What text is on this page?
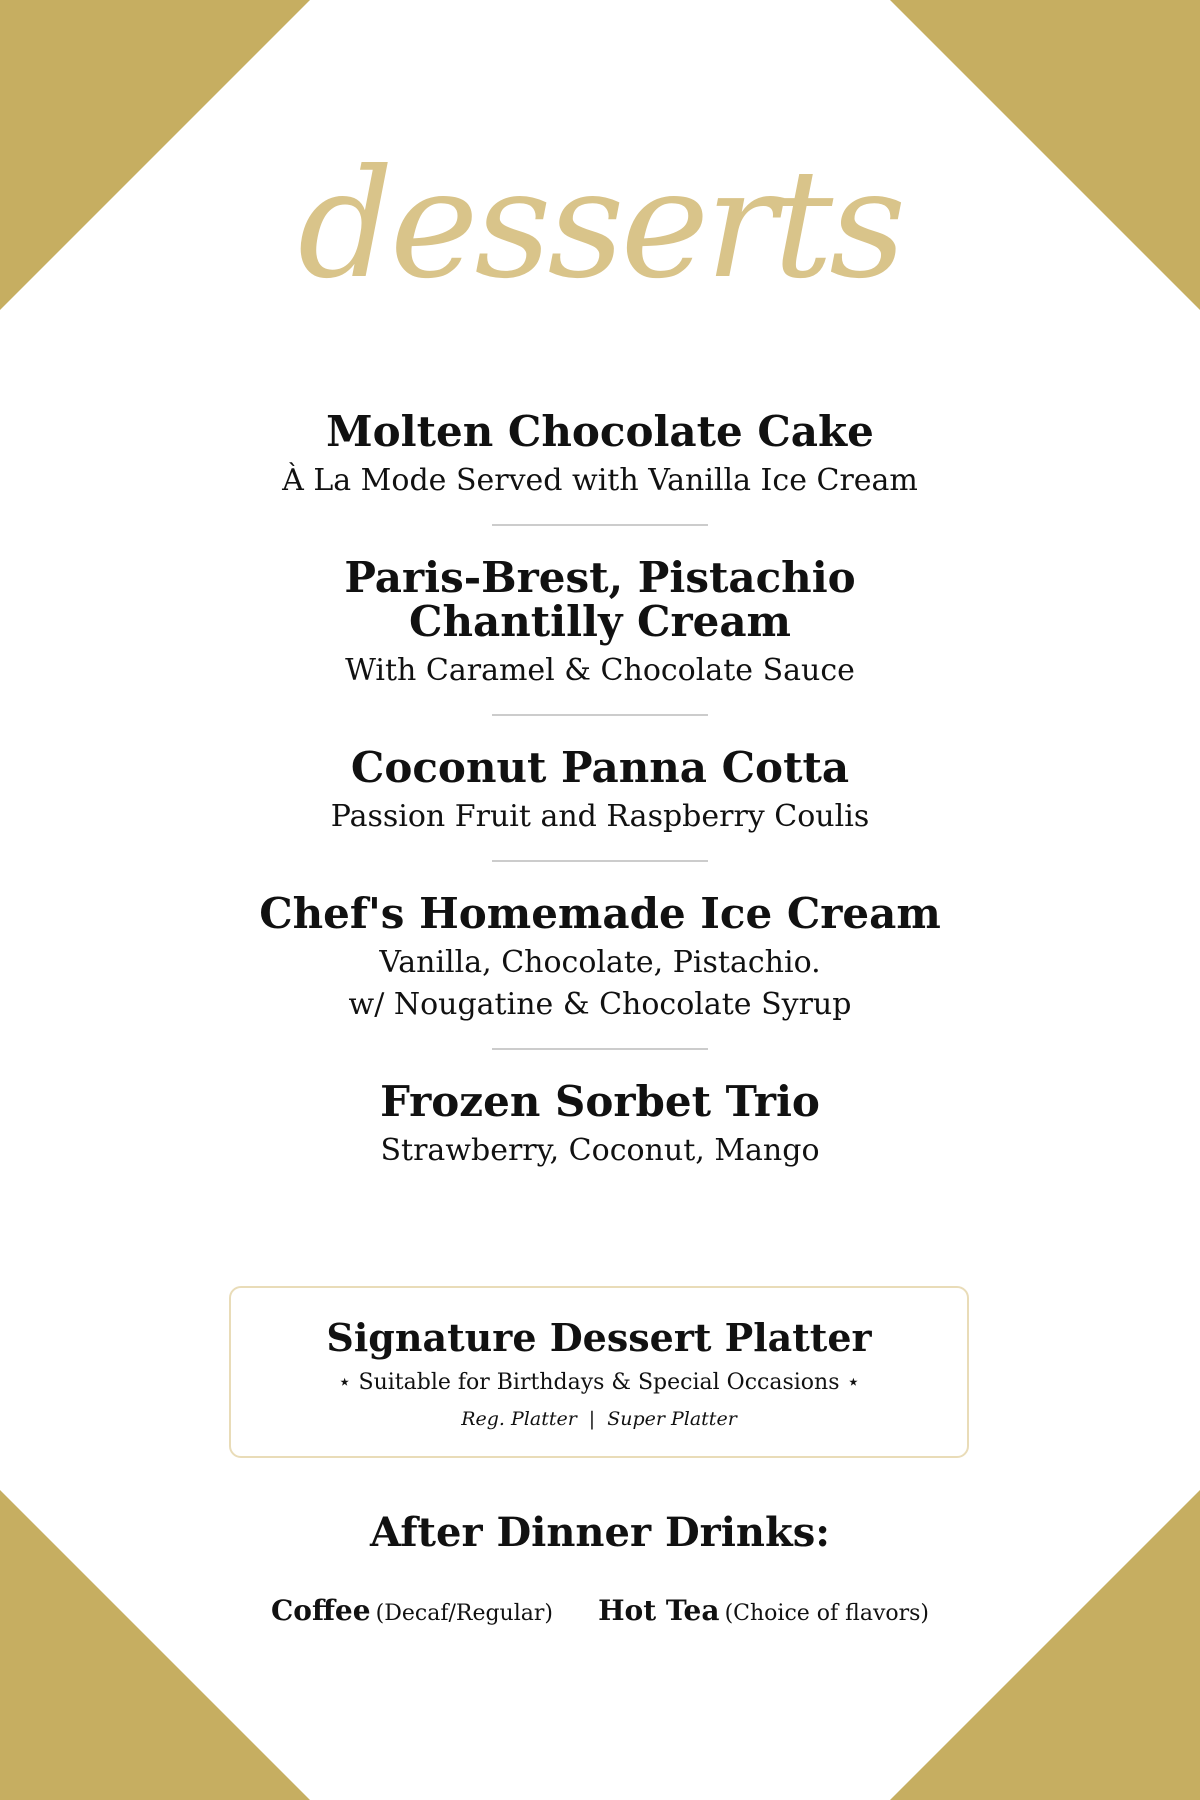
desserts

Molten Chocolate Cake

À La Mode Served with Vanilla Ice Cream

Paris-Brest, Pistachio

Chantilly Cream

With Caramel & Chocolate Sauce

Coconut Panna Cotta

Passion Fruit and Raspberry Coulis

Chef's Homemade Ice Cream

Vanilla, Chocolate, Pistachio.

w/ Nougatine & Chocolate Syrup

Frozen Sorbet Trio

Strawberry, Coconut, Mango

Signature Dessert Platter
⋆ Suitable for Birthdays & Special Occasions ⋆
Reg. Platter | Super Platter
After Dinner Drinks:
Coffee (Decaf/Regular) Hot Tea (Choice of flavors)
